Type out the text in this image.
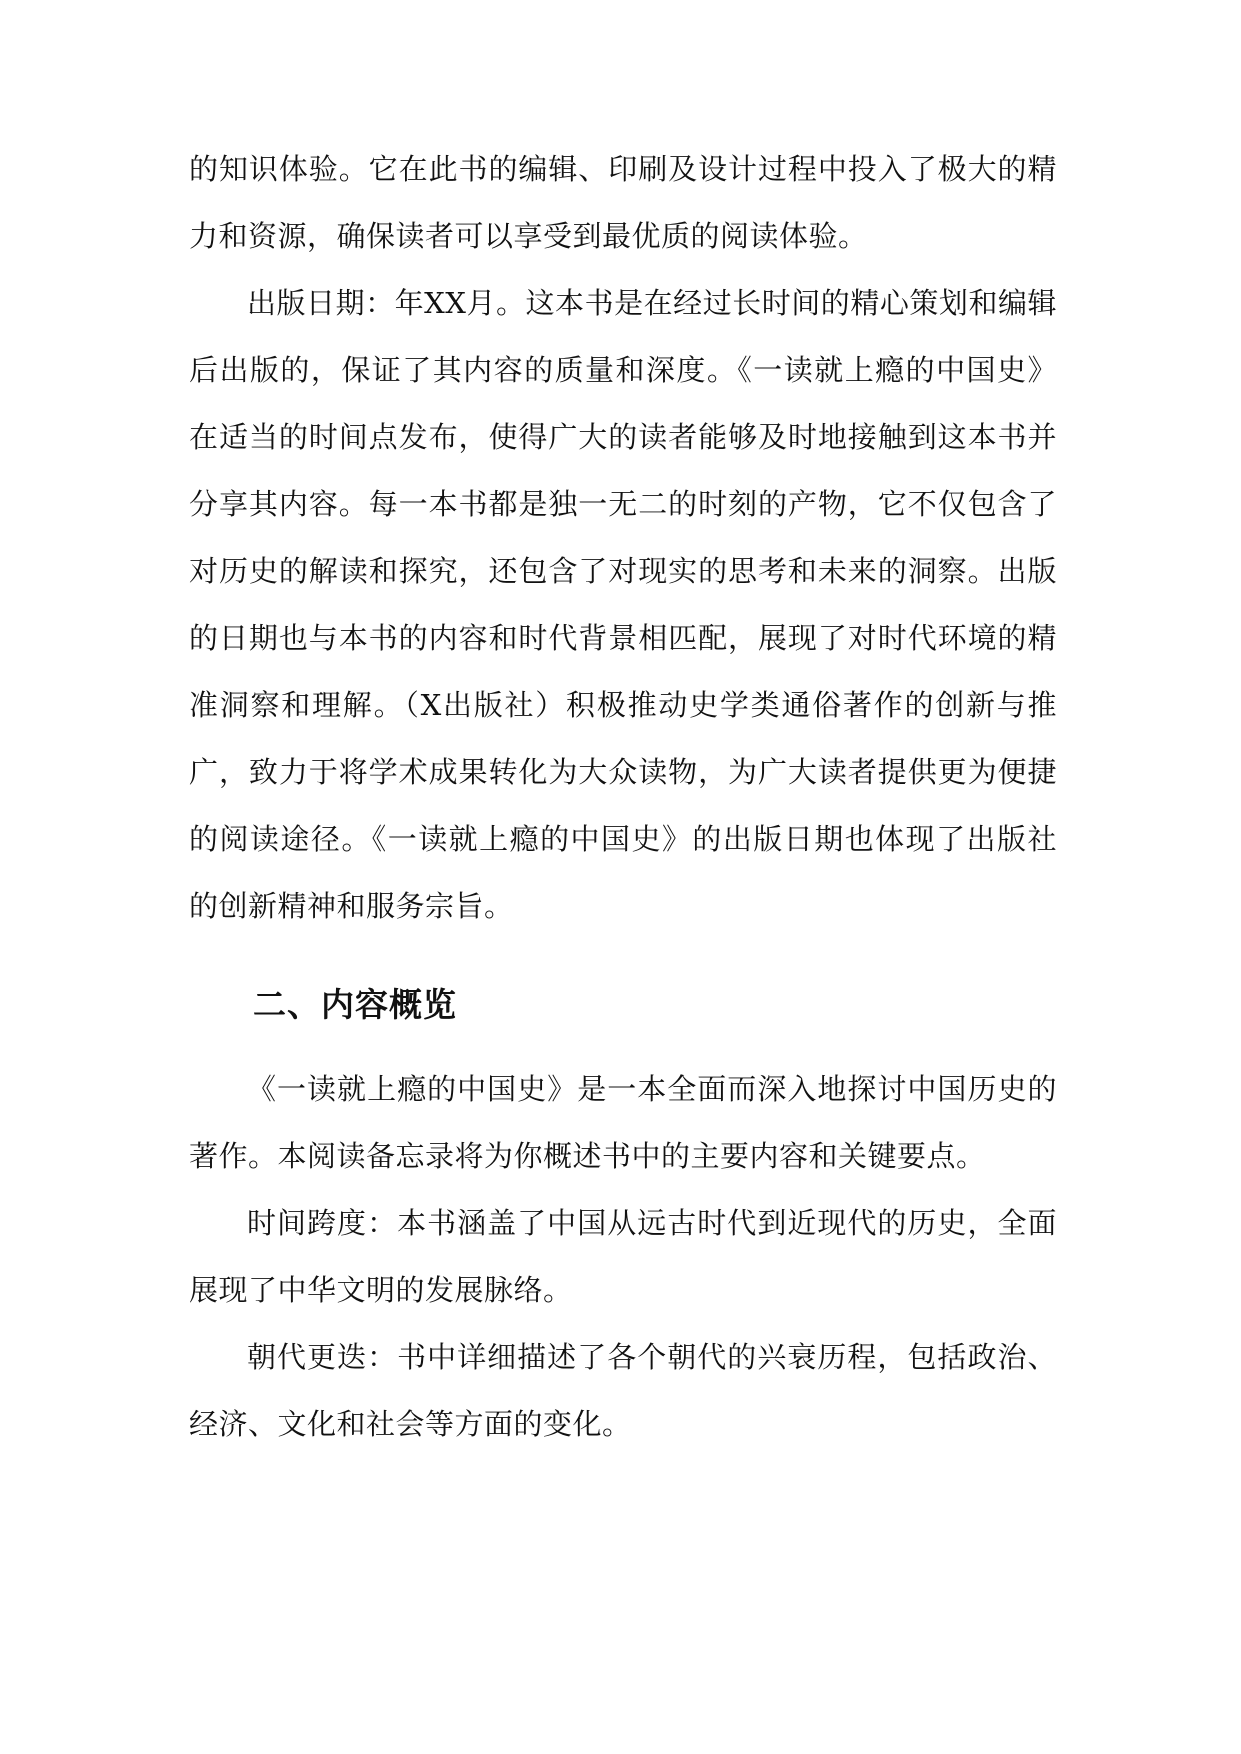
的知识体验。它在此书的编辑、印刷及设计过程中投入了极大的精力和资源，确保读者可以享受到最优质的阅读体验。

出版日期：年XX月。这本书是在经过长时间的精心策划和编辑后出版的，保证了其内容的质量和深度。《一读就上瘾的中国史》在适当的时间点发布，使得广大的读者能够及时地接触到这本书并分享其内容。每一本书都是独一无二的时刻的产物，它不仅包含了对历史的解读和探究，还包含了对现实的思考和未来的洞察。出版的日期也与本书的内容和时代背景相匹配，展现了对时代环境的精准洞察和理解。（X出版社）积极推动史学类通俗著作的创新与推广，致力于将学术成果转化为大众读物，为广大读者提供更为便捷的阅读途径。《一读就上瘾的中国史》的出版日期也体现了出版社的创新精神和服务宗旨。

二、内容概览

《一读就上瘾的中国史》是一本全面而深入地探讨中国历史的著作。本阅读备忘录将为你概述书中的主要内容和关键要点。

时间跨度：本书涵盖了中国从远古时代到近现代的历史，全面展现了中华文明的发展脉络。

朝代更迭：书中详细描述了各个朝代的兴衰历程，包括政治、经济、文化和社会等方面的变化。
